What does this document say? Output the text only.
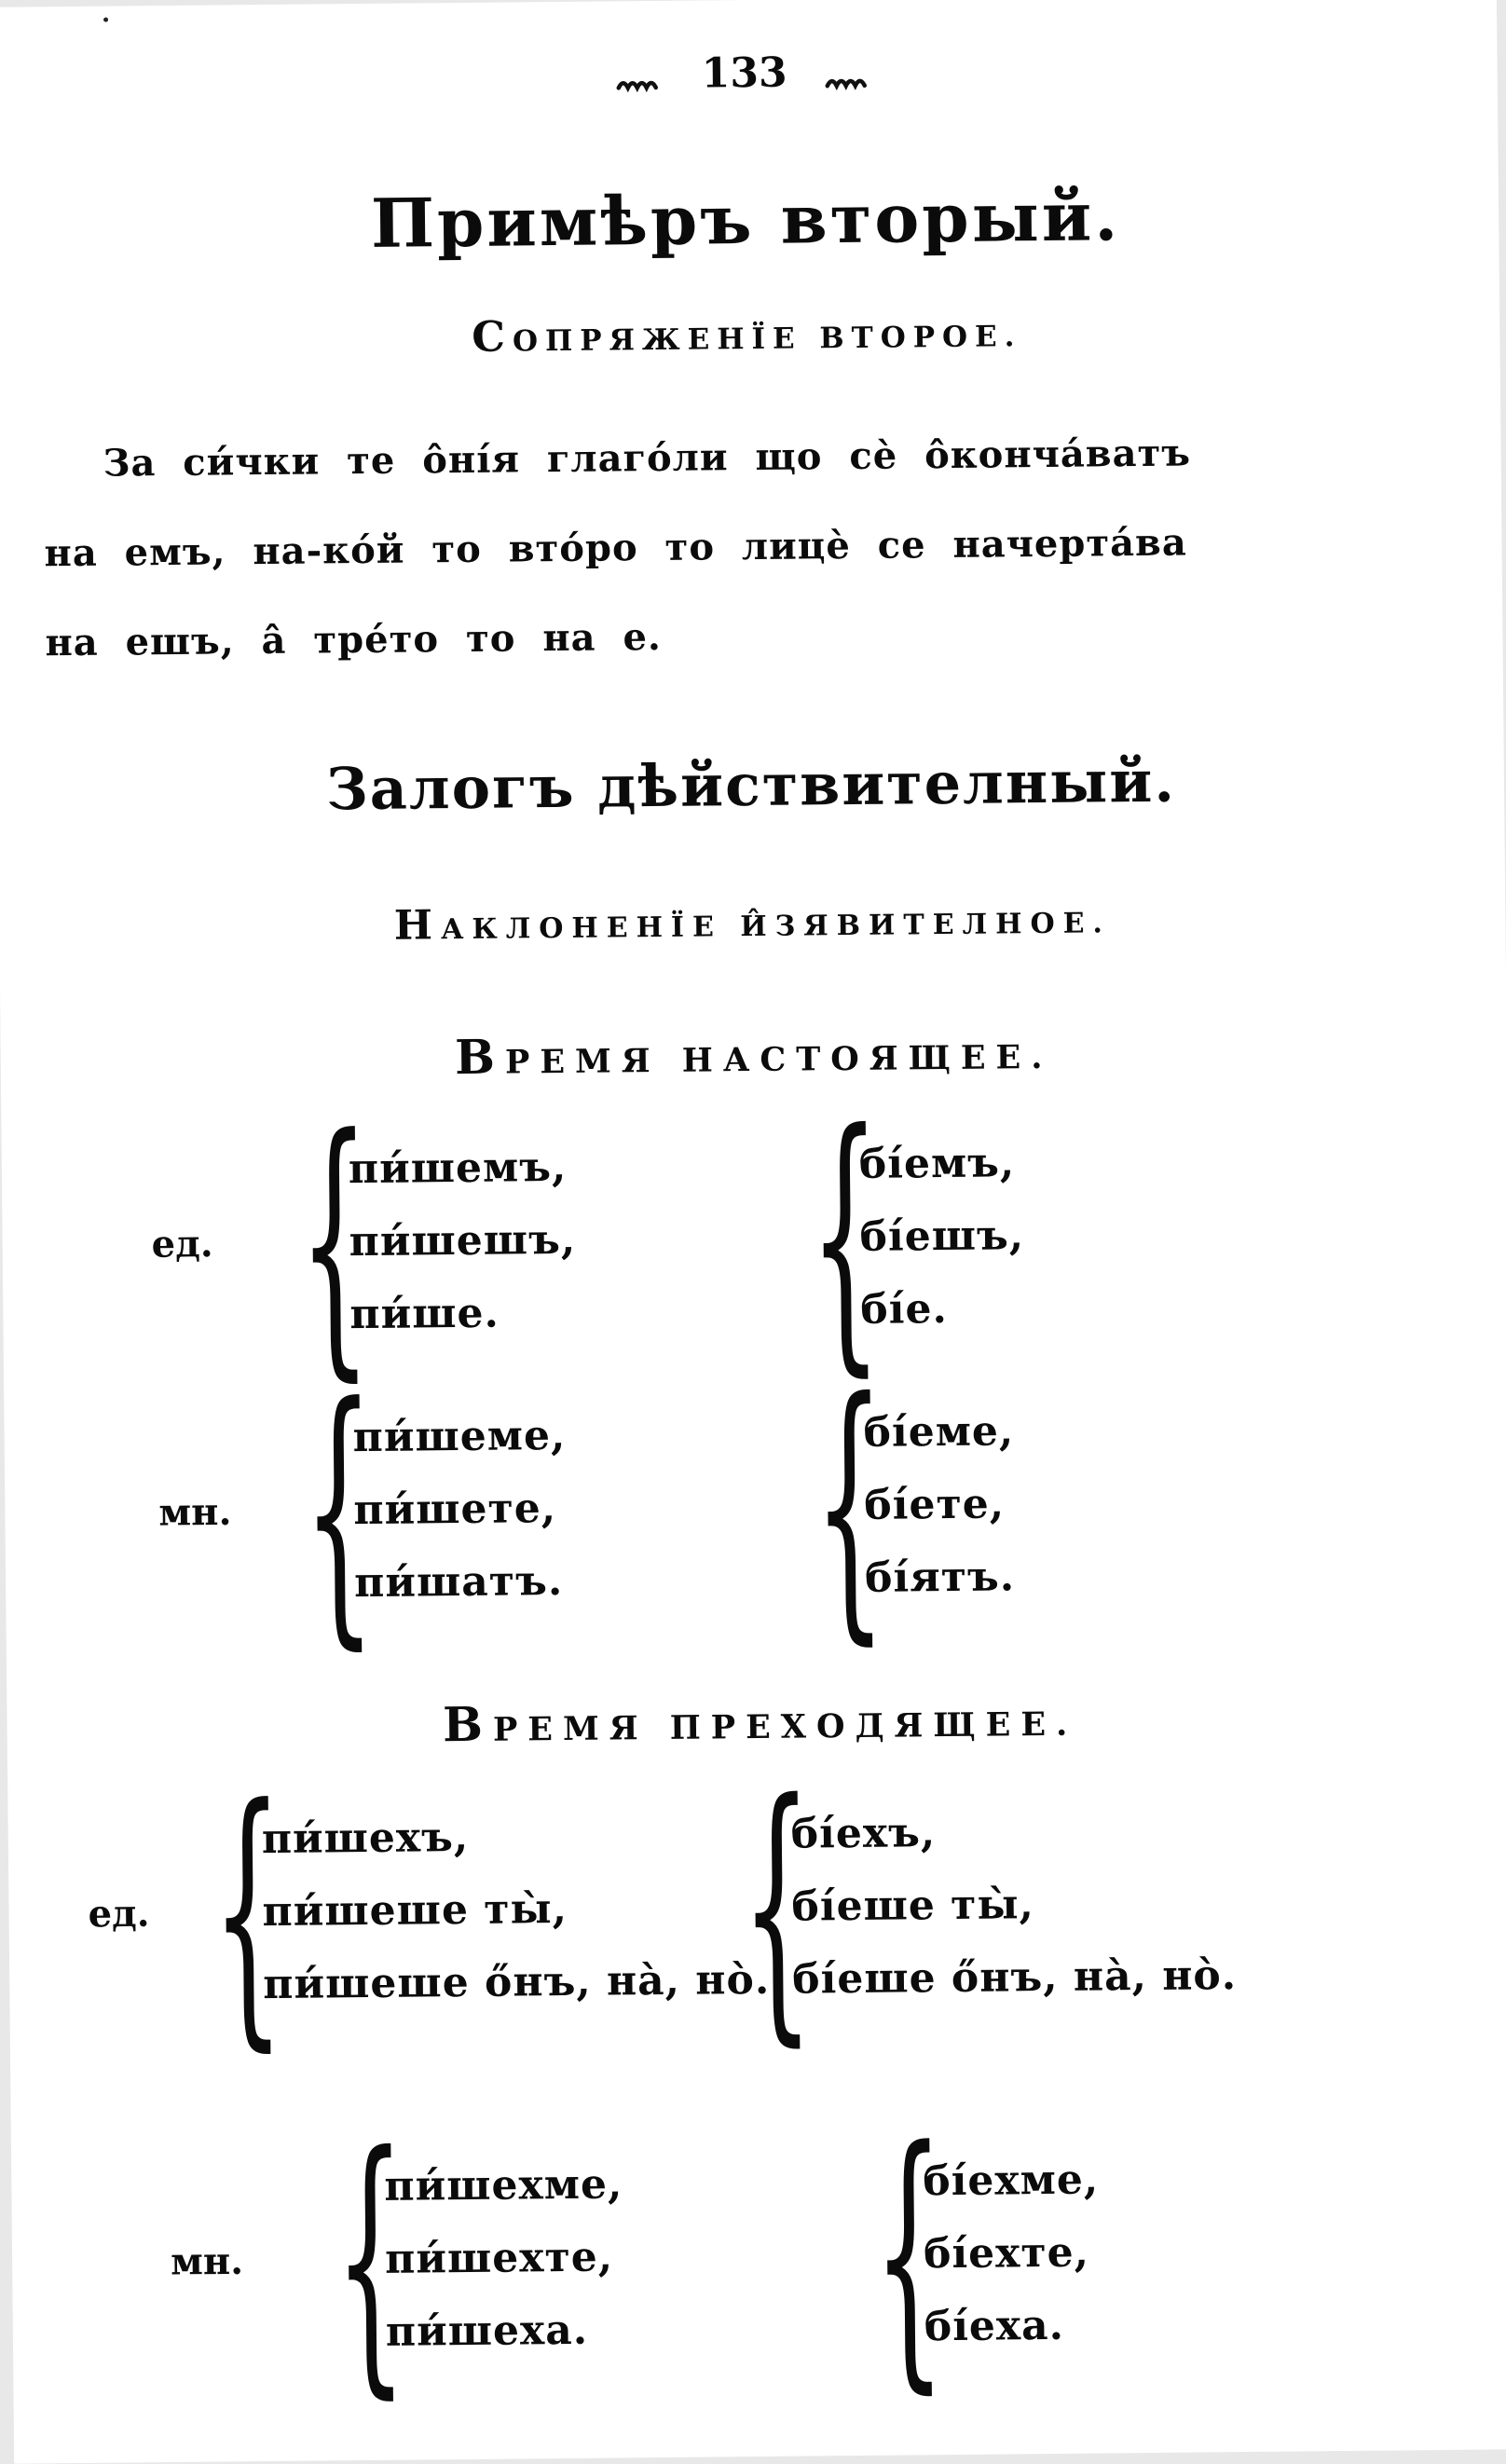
133
Примѣръ вторый.
СОПРЯЖЕНЇЕ ВТОРОЕ.
За си́чки те о̂ні́я глаго́ли що сѐ о̂конча́ватъ
на емъ, на-ко́й то вто́ро то лицѐ се начерта́ва
на ешъ, а̂ тре́то то на е.
Залогъ дѣйствителный.
НАКЛОНЕНЇЕ И̂ЗЯВИТЕЛНОЕ.
ВРЕМЯ НАСТОЯЩЕЕ.
ед. {
пи́шемъ,
пи́шешъ,
пи́ше. {
бі́емъ,
бі́ешъ,
бі́е.
мн. {
пи́шеме,
пи́шете,
пи́шатъ. {
бі́еме,
бі́ете,
бі́ятъ.
ВРЕМЯ ПРЕХОДЯЩЕЕ.
ед. {
пи́шехъ,
пи́шеше ты̀,
пи́шеше о̋нъ, на̀, но̀.
{
бі́ехъ,
бі́еше ты̀,
бі́еше о̋нъ, на̀, но̀.
мн. {
пи́шехме,
пи́шехте,
пи́шеха. {
бі́ехме,
бі́ехте,
бі́еха.
